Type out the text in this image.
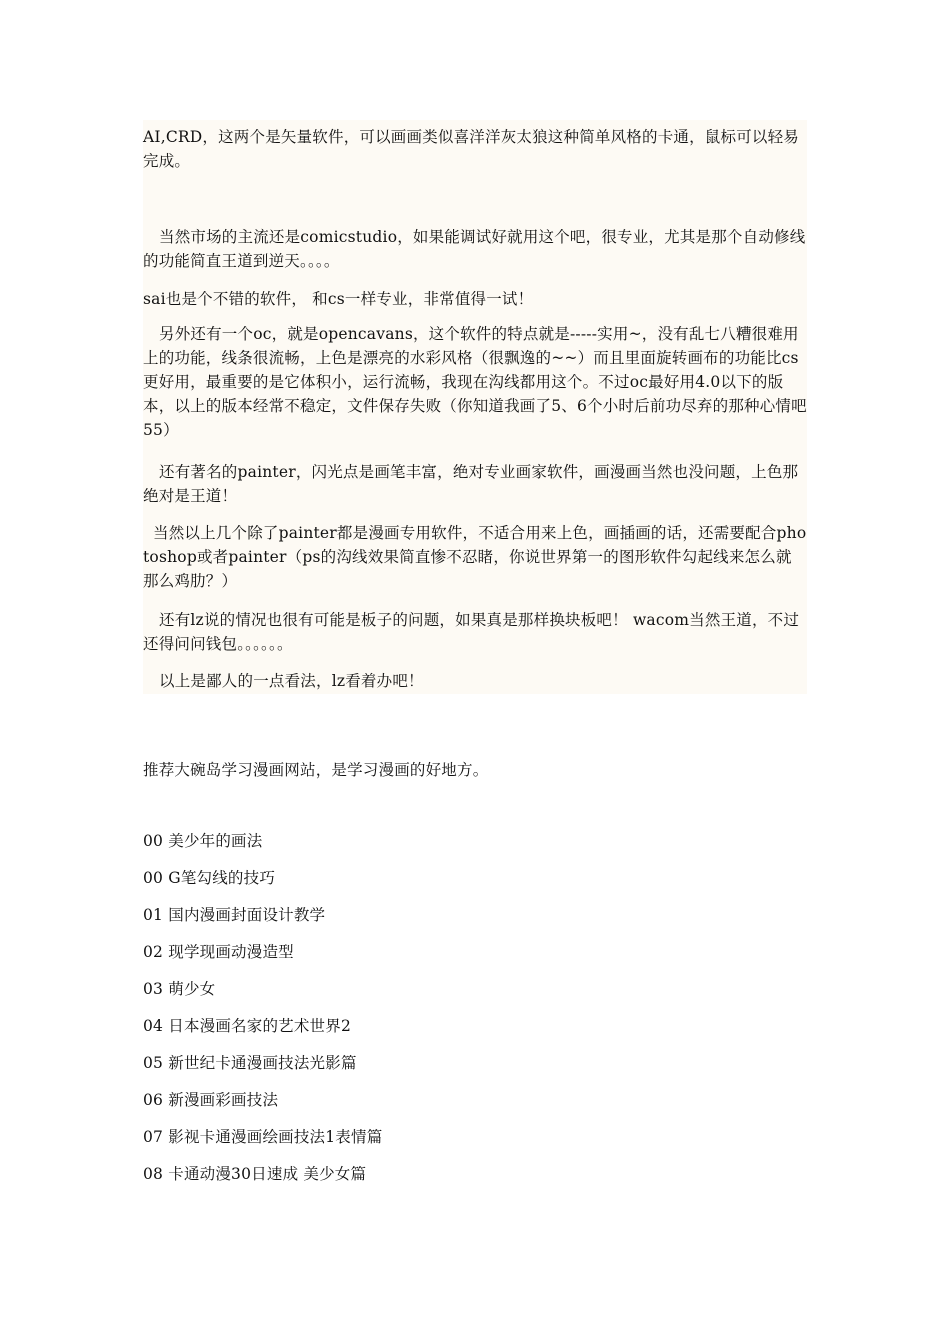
AI,CRD，这两个是矢量软件，可以画画类似喜洋洋灰太狼这种简单风格的卡通，鼠标可以轻易完成。

当然市场的主流还是comicstudio，如果能调试好就用这个吧，很专业，尤其是那个自动修线的功能简直王道到逆天。。。。

sai也是个不错的软件， 和cs一样专业，非常值得一试！

另外还有一个oc，就是opencavans，这个软件的特点就是-----实用~，没有乱七八糟很难用上的功能，线条很流畅，上色是漂亮的水彩风格（很飘逸的~~）而且里面旋转画布的功能比cs更好用，最重要的是它体积小，运行流畅，我现在沟线都用这个。不过oc最好用4.0以下的版本，以上的版本经常不稳定，文件保存失败（你知道我画了5、6个小时后前功尽弃的那种心情吧55）

还有著名的painter，闪光点是画笔丰富，绝对专业画家软件，画漫画当然也没问题，上色那绝对是王道！

当然以上几个除了painter都是漫画专用软件，不适合用来上色，画插画的话，还需要配合photoshop或者painter（ps的沟线效果简直惨不忍睹，你说世界第一的图形软件勾起线来怎么就那么鸡肋？）

还有lz说的情况也很有可能是板子的问题，如果真是那样换块板吧！ wacom当然王道，不过还得问问钱包。。。。。。

以上是鄙人的一点看法，lz看着办吧！

推荐大碗岛学习漫画网站，是学习漫画的好地方。

00 美少年的画法

00 G笔勾线的技巧

01 国内漫画封面设计教学

02 现学现画动漫造型

03 萌少女

04 日本漫画名家的艺术世界2

05 新世纪卡通漫画技法光影篇

06 新漫画彩画技法

07 影视卡通漫画绘画技法1表情篇

08 卡通动漫30日速成 美少女篇
